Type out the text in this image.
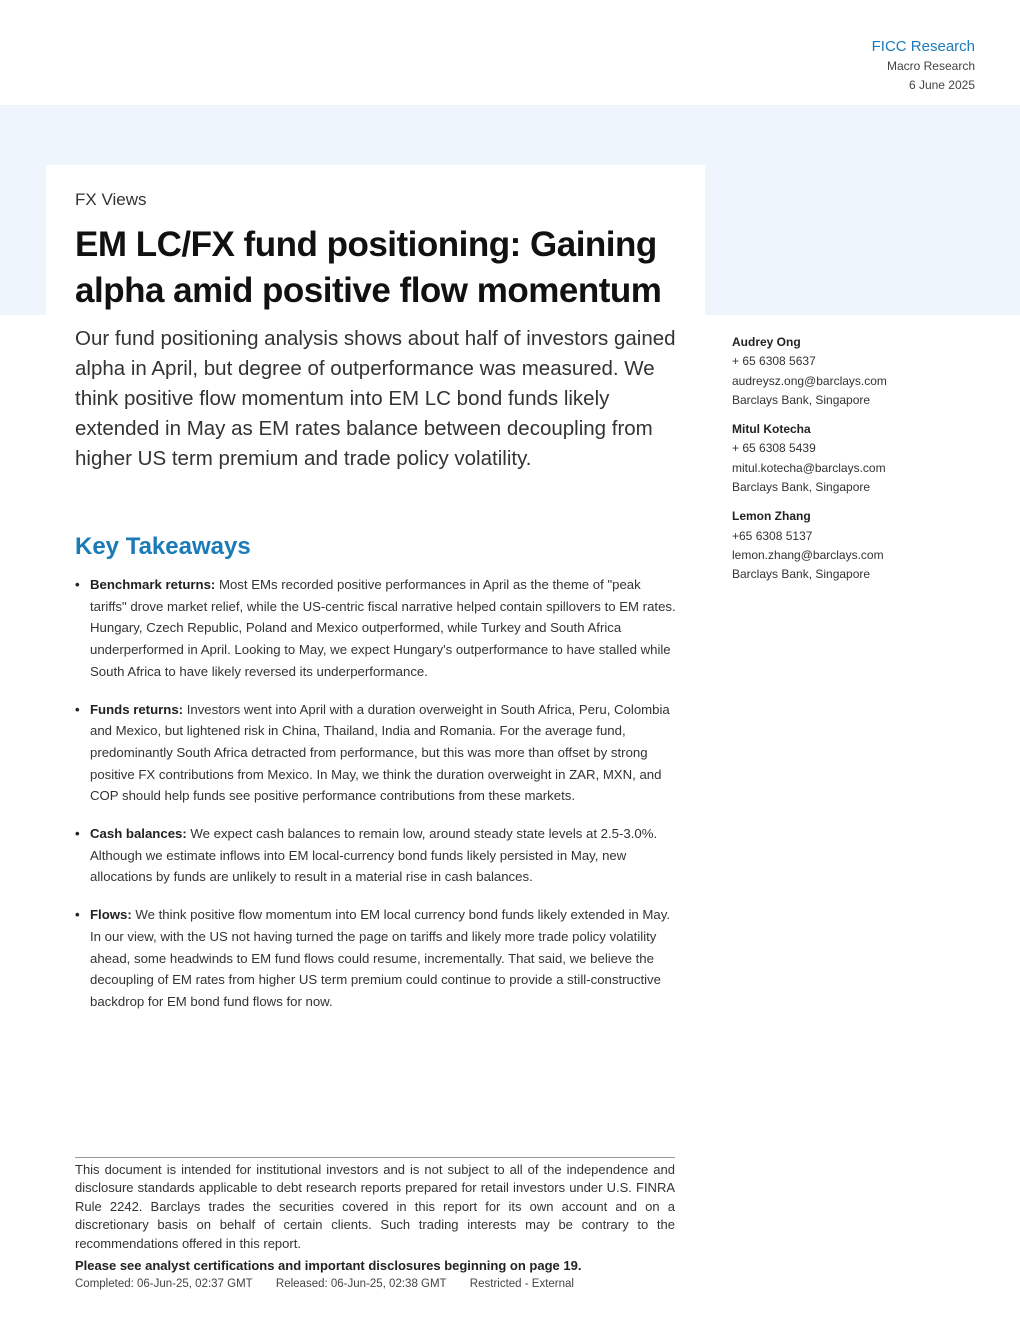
FICC Research
Macro Research
6 June 2025
FX Views
EM LC/FX fund positioning: Gaining alpha amid positive flow momentum

Our fund positioning analysis shows about half of investors gained alpha in April, but degree of outperformance was measured. We think positive flow momentum into EM LC bond funds likely extended in May as EM rates balance between decoupling from higher US term premium and trade policy volatility.

Key Takeaways
• Benchmark returns: Most EMs recorded positive performances in April as the theme of "peak tariffs" drove market relief, while the US-centric fiscal narrative helped contain spillovers to EM rates. Hungary, Czech Republic, Poland and Mexico outperformed, while Turkey and South Africa underperformed in April. Looking to May, we expect Hungary's outperformance to have stalled while South Africa to have likely reversed its underperformance.
• Funds returns: Investors went into April with a duration overweight in South Africa, Peru, Colombia and Mexico, but lightened risk in China, Thailand, India and Romania. For the average fund, predominantly South Africa detracted from performance, but this was more than offset by strong positive FX contributions from Mexico. In May, we think the duration overweight in ZAR, MXN, and COP should help funds see positive performance contributions from these markets.
• Cash balances: We expect cash balances to remain low, around steady state levels at 2.5-3.0%. Although we estimate inflows into EM local-currency bond funds likely persisted in May, new allocations by funds are unlikely to result in a material rise in cash balances.
• Flows: We think positive flow momentum into EM local currency bond funds likely extended in May. In our view, with the US not having turned the page on tariffs and likely more trade policy volatility ahead, some headwinds to EM fund flows could resume, incrementally. That said, we believe the decoupling of EM rates from higher US term premium could continue to provide a still-constructive backdrop for EM bond fund flows for now.
Audrey Ong
+ 65 6308 5637
audreysz.ong@barclays.com
Barclays Bank, Singapore
Mitul Kotecha
+ 65 6308 5439
mitul.kotecha@barclays.com
Barclays Bank, Singapore
Lemon Zhang
+65 6308 5137
lemon.zhang@barclays.com
Barclays Bank, Singapore
This document is intended for institutional investors and is not subject to all of the independence and disclosure standards applicable to debt research reports prepared for retail investors under U.S. FINRA Rule 2242. Barclays trades the securities covered in this report for its own account and on a discretionary basis on behalf of certain clients. Such trading interests may be contrary to the recommendations offered in this report.
Please see analyst certifications and important disclosures beginning on page 19.
Completed: 06-Jun-25, 02:37 GMT Released: 06-Jun-25, 02:38 GMT Restricted - External
